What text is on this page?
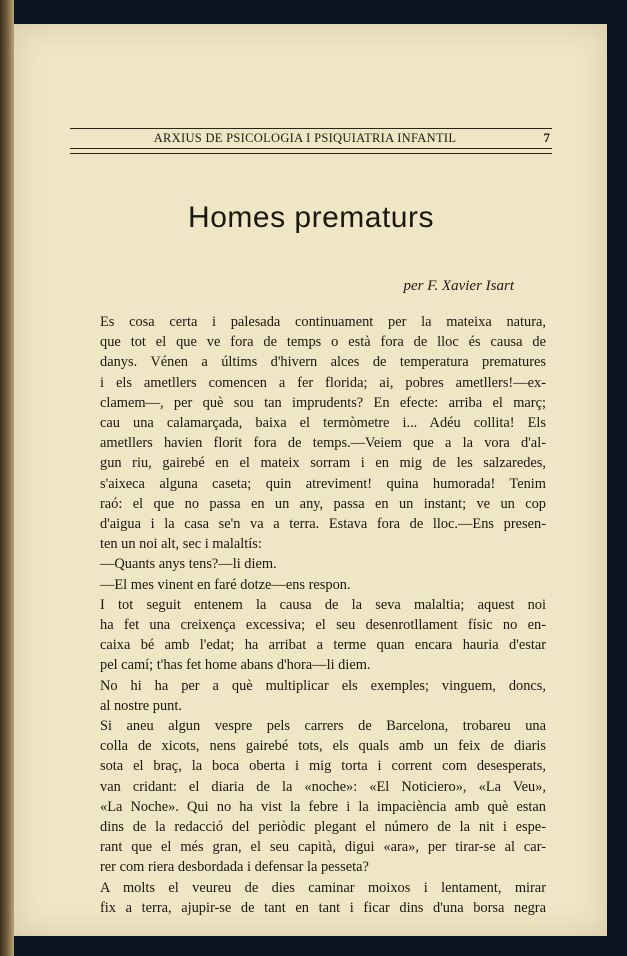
ARXIUS DE PSICOLOGIA I PSIQUIATRIA INFANTIL	7
Homes prematurs
per F. Xavier Isart
Es cosa certa i palesada continuament per la mateixa natura,
que tot el que ve fora de temps o està fora de lloc és causa de
danys. Vénen a últims d'hivern alces de temperatura prematures
i els ametllers comencen a fer florida; ai, pobres ametllers!—ex-
clamem—, per què sou tan imprudents? En efecte: arriba el març;
cau una calamarçada, baixa el termòmetre i... Adéu collita! Els
ametllers havien florit fora de temps.—Veiem que a la vora d'al-
gun riu, gairebé en el mateix sorram i en mig de les salzaredes,
s'aixeca alguna caseta; quin atreviment! quina humorada! Tenim
raó: el que no passa en un any, passa en un instant; ve un cop
d'aigua i la casa se'n va a terra. Estava fora de lloc.—Ens presen-
ten un noi alt, sec i malaltís:
—Quants anys tens?—li diem.
—El mes vinent en faré dotze—ens respon.
I tot seguit entenem la causa de la seva malaltia; aquest noi
ha fet una creixença excessiva; el seu desenrotllament físic no en-
caixa bé amb l'edat; ha arribat a terme quan encara hauria d'estar
pel camí; t'has fet home abans d'hora—li diem.
No hi ha per a què multiplicar els exemples; vinguem, doncs,
al nostre punt.
Si aneu algun vespre pels carrers de Barcelona, trobareu una
colla de xicots, nens gairebé tots, els quals amb un feix de diaris
sota el braç, la boca oberta i mig torta i corrent com desesperats,
van cridant: el diaria de la «noche»: «El Noticiero», «La Veu»,
«La Noche». Qui no ha vist la febre i la impaciència amb què estan
dins de la redacció del periòdic plegant el número de la nit i espe-
rant que el més gran, el seu capità, digui «ara», per tirar-se al car-
rer com riera desbordada i defensar la pesseta?
A molts el veureu de dies caminar moixos i lentament, mirar
fix a terra, ajupir-se de tant en tant i ficar dins d'una borsa negra
